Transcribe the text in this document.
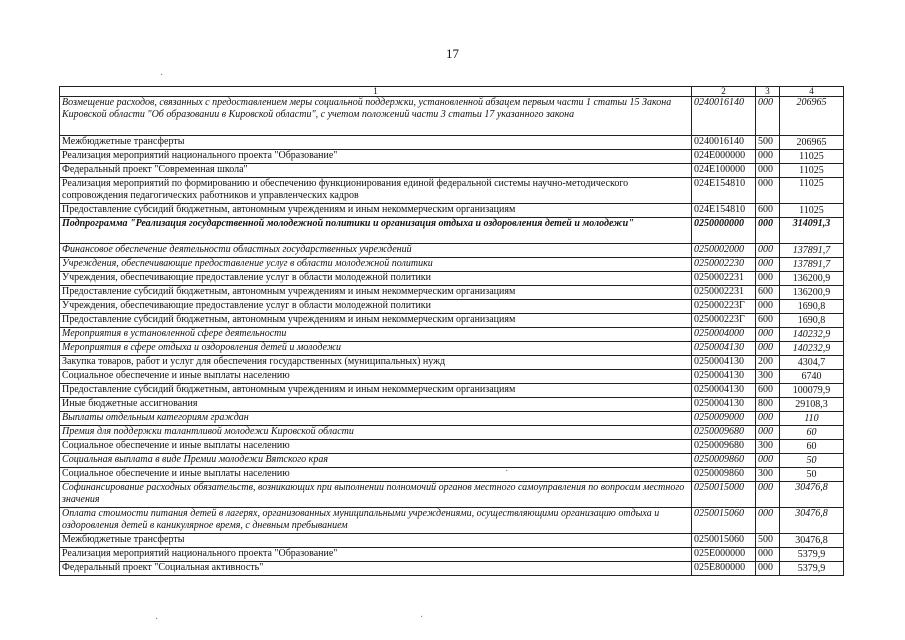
17
·
·
·	·
1	2	3	4
Возмещение расходов, связанных с предоставлением меры социальной поддержки, установленной абзацем первым части 1 статьи 15 Закона Кировской области "Об образовании в Кировской области", с учетом положений части 3 статьи 17 указанного закона	0240016140	000	206965
Межбюджетные трансферты	0240016140	500	206965
Реализация мероприятий национального проекта "Образование"	024E000000	000	11025
Федеральный проект "Современная школа"	024E100000	000	11025
Реализация мероприятий по формированию и обеспечению функционирования единой федеральной системы научно-методического сопровождения педагогических работников и управленческих кадров	024E154810	000	11025
Предоставление субсидий бюджетным, автономным учреждениям и иным некоммерческим организациям	024E154810	600	11025
Подпрограмма "Реализация государственной молодежной политики и организация отдыха и оздоровления детей и молодежи"	0250000000	000	314091,3
Финансовое обеспечение деятельности областных государственных учреждений	0250002000	000	137891,7
Учреждения, обеспечивающие предоставление услуг в области молодежной политики	0250002230	000	137891,7
Учреждения, обеспечивающие предоставление услуг в области молодежной политики	0250002231	000	136200,9
Предоставление субсидий бюджетным, автономным учреждениям и иным некоммерческим организациям	0250002231	600	136200,9
Учреждения, обеспечивающие предоставление услуг в области молодежной политики	025000223Г	000	1690,8
Предоставление субсидий бюджетным, автономным учреждениям и иным некоммерческим организациям	025000223Г	600	1690,8
Мероприятия в установленной сфере деятельности	0250004000	000	140232,9
Мероприятия в сфере отдыха и оздоровления детей и молодежи	0250004130	000	140232,9
Закупка товаров, работ и услуг для обеспечения государственных (муниципальных) нужд	0250004130	200	4304,7
Социальное обеспечение и иные выплаты населению	0250004130	300	6740
Предоставление субсидий бюджетным, автономным учреждениям и иным некоммерческим организациям	0250004130	600	100079,9
Иные бюджетные ассигнования	0250004130	800	29108,3
Выплаты отдельным категориям граждан	0250009000	000	110
Премия для поддержки талантливой молодежи Кировской области	0250009680	000	60
Социальное обеспечение и иные выплаты населению	0250009680	300	60
Социальная выплата в виде Премии молодежи Вятского края	0250009860	000	50
Социальное обеспечение и иные выплаты населению	0250009860	300	50
Софинансирование расходных обязательств, возникающих при выполнении полномочий органов местного самоуправления по вопросам местного значения	0250015000	000	30476,8
Оплата стоимости питания детей в лагерях, организованных муниципальными учреждениями, осуществляющими организацию отдыха и оздоровления детей в каникулярное время, с дневным пребыванием	0250015060	000	30476,8
Межбюджетные трансферты	0250015060	500	30476,8
Реализация мероприятий национального проекта "Образование"	025E000000	000	5379,9
Федеральный проект "Социальная активность"	025E800000	000	5379,9
